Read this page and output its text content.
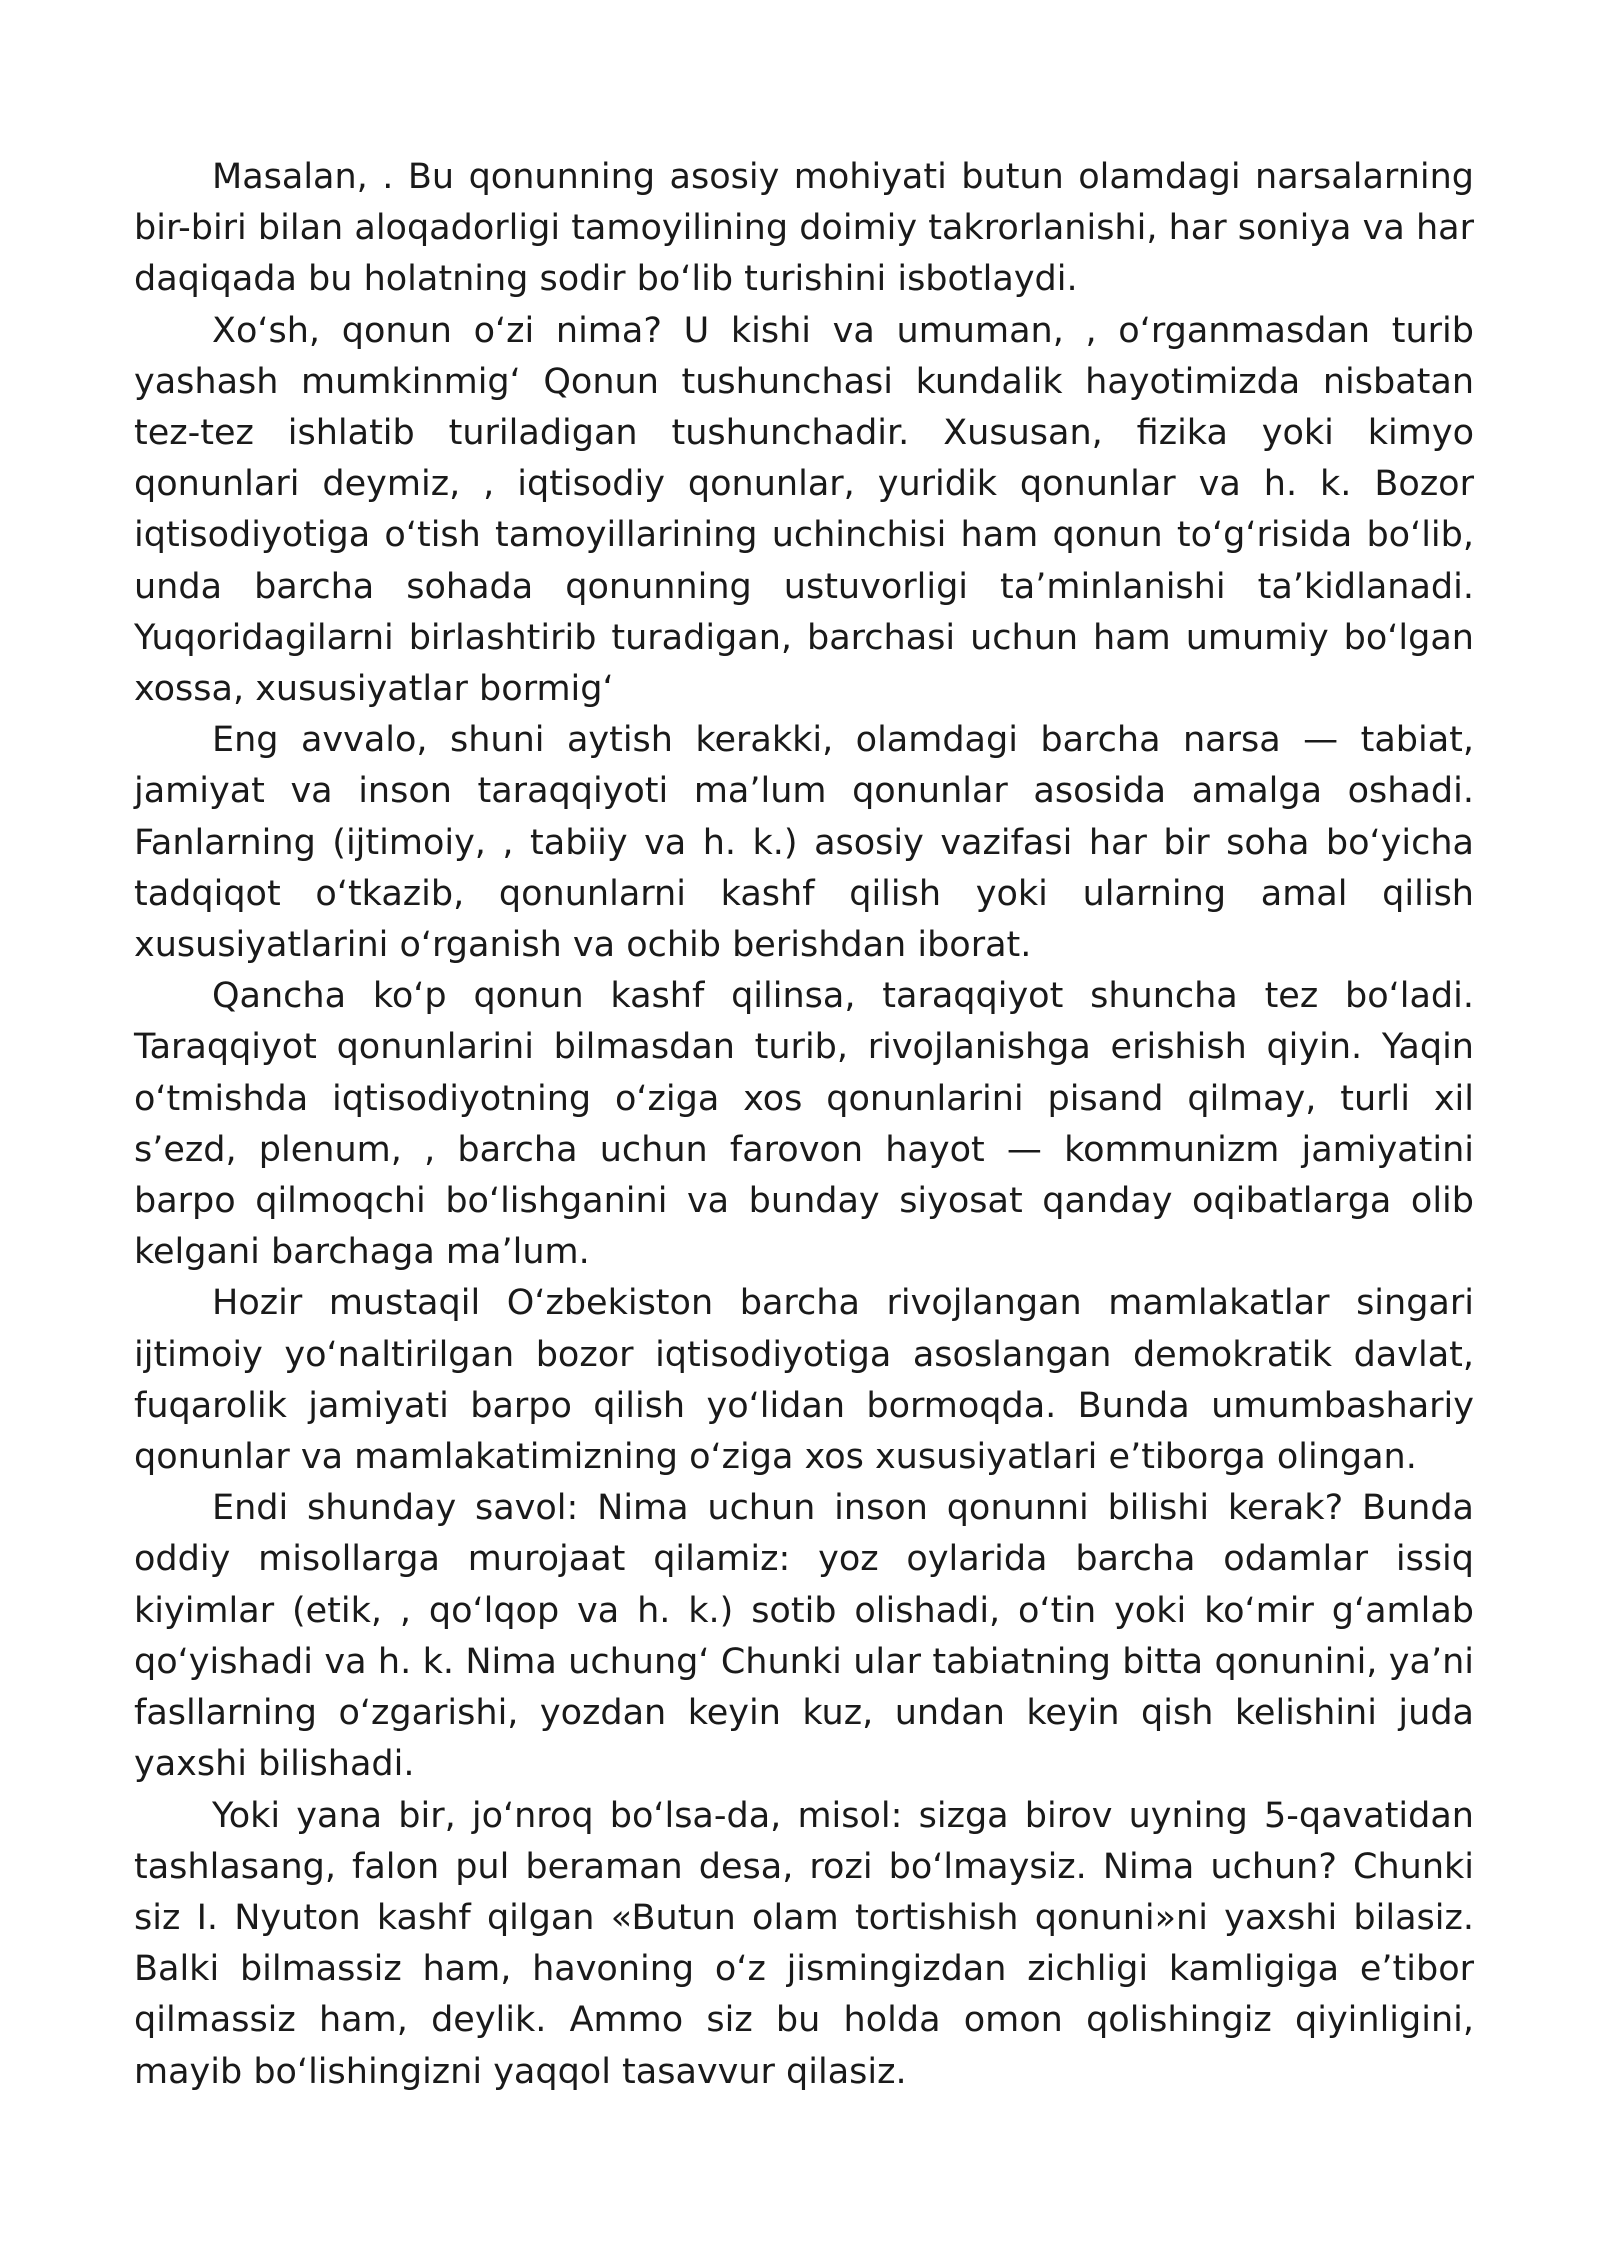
Masalan, . Bu qonunning asosiy mohiyati butun olamdagi narsalarning bir-biri bilan aloqadorligi tamoyilining doimiy takrorlanishi, har soniya va har daqiqada bu holatning sodir boʻlib turishini isbotlaydi.

Xoʻsh, qonun oʻzi nima? U kishi va umuman, , oʻrganmasdan turib yashash mumkinmigʻ Qonun tushunchasi kundalik hayotimizda nisbatan tez-tez ishlatib turiladigan tushunchadir. Xususan, fizika yoki kimyo qonunlari deymiz, , iqtisodiy qonunlar, yuridik qonunlar va h. k. Bozor iqtisodiyotiga oʻtish tamoyillarining uchinchisi ham qonun toʻgʻrisida boʻlib, unda barcha sohada qonunning ustuvorligi taʼminlanishi taʼkidlanadi. Yuqoridagilarni birlashtirib turadigan, barchasi uchun ham umumiy boʻlgan xossa, xususiyatlar bormigʻ

Eng avvalo, shuni aytish kerakki, olamdagi barcha narsa — tabiat, jamiyat va inson taraqqiyoti maʼlum qonunlar asosida amalga oshadi. Fanlarning (ijtimoiy, , tabiiy va h. k.) asosiy vazifasi har bir soha boʻyicha tadqiqot oʻtkazib, qonunlarni kashf qilish yoki ularning amal qilish xususiyatlarini oʻrganish va ochib berishdan iborat.

Qancha koʻp qonun kashf qilinsa, taraqqiyot shuncha tez boʻladi. Taraqqiyot qonunlarini bilmasdan turib, rivojlanishga erishish qiyin. Yaqin oʻtmishda iqtisodiyotning oʻziga xos qonunlarini pisand qilmay, turli xil sʼezd, plenum, , barcha uchun farovon hayot — kommunizm jamiyatini barpo qilmoqchi boʻlishganini va bunday siyosat qanday oqibatlarga olib kelgani barchaga maʼlum.

Hozir mustaqil Oʻzbekiston barcha rivojlangan mamlakatlar singari ijtimoiy yoʻnaltirilgan bozor iqtisodiyotiga asoslangan demokratik davlat, fuqarolik jamiyati barpo qilish yoʻlidan bormoqda. Bunda umumbashariy qonunlar va mamlakatimizning oʻziga xos xususiyatlari eʼtiborga olingan.

Endi shunday savol: Nima uchun inson qonunni bilishi kerak? Bunda oddiy misollarga murojaat qilamiz: yoz oylarida barcha odamlar issiq kiyimlar (etik, , qoʻlqop va h. k.) sotib olishadi, oʻtin yoki koʻmir gʻamlab qoʻyishadi va h. k. Nima uchungʻ Chunki ular tabiatning bitta qonunini, yaʼni fasllarning oʻzgarishi, yozdan keyin kuz, undan keyin qish kelishini juda yaxshi bilishadi.

Yoki yana bir, joʻnroq boʻlsa-da, misol: sizga birov uyning 5-qavatidan tashlasang, falon pul beraman desa, rozi boʻlmaysiz. Nima uchun? Chunki siz I. Nyuton kashf qilgan «Butun olam tortishish qonuni»ni yaxshi bilasiz. Balki bilmassiz ham, havoning oʻz jismingizdan zichligi kamligiga eʼtibor qilmassiz ham, deylik. Ammo siz bu holda omon qolishingiz qiyinligini, mayib boʻlishingizni yaqqol tasavvur qilasiz.
